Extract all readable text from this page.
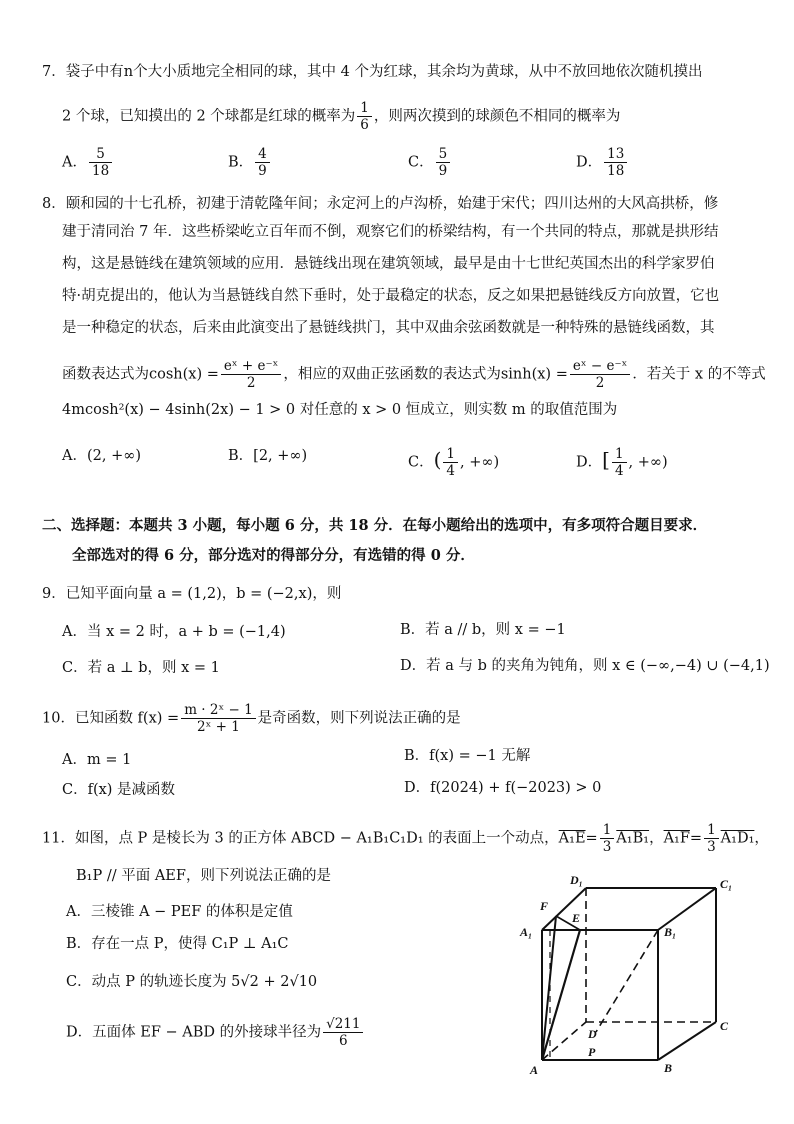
7．袋子中有n个大小质地完全相同的球，其中 4 个为红球，其余均为黄球，从中不放回地依次随机摸出
2 个球，已知摸出的 2 个球都是红球的概率为 $\frac{1}{6}$ ，则两次摸到的球颜色不相同的概率为
A． $\frac{5}{18}$	B． $\frac{4}{9}$	C． $\frac{5}{9}$	D． $\frac{13}{18}$
8．颐和园的十七孔桥，初建于清乾隆年间；永定河上的卢沟桥，始建于宋代；四川达州的大风高拱桥，修
建于清同治 7 年．这些桥梁屹立百年而不倒，观察它们的桥梁结构，有一个共同的特点，那就是拱形结
构，这是悬链线在建筑领域的应用．悬链线出现在建筑领域，最早是由十七世纪英国杰出的科学家罗伯
特·胡克提出的，他认为当悬链线自然下垂时，处于最稳定的状态，反之如果把悬链线反方向放置，它也
是一种稳定的状态，后来由此演变出了悬链线拱门，其中双曲余弦函数就是一种特殊的悬链线函数，其
函数表达式为$\cosh(x) = \frac{\text{eˣ + e⁻ˣ}}{2}$ ，相应的双曲正弦函数的表达式为$\sinh(x) = \frac{\text{eˣ − e⁻ˣ}}{2}$ ．若关于 x 的不等式
4mcosh²(x) − 4sinh(2x) − 1 > 0 对任意的 x > 0 恒成立，则实数 m 的取值范围为
A．(2, +∞)	B．[2, +∞)	C．( $\frac{1}{4}$ , +∞)	D．[ $\frac{1}{4}$ , +∞)
二、选择题：本题共 3 小题，每小题 6 分，共 18 分．在每小题给出的选项中，有多项符合题目要求．
全部选对的得 6 分，部分选对的得部分分，有选错的得 0 分．
9．已知平面向量 a = (1,2)，b = (−2,x)，则
A．当 x = 2 时，a + b = (−1,4)	B．若 a // b，则 x = −1
C．若 a ⊥ b，则 x = 1	D．若 a 与 b 的夹角为钝角，则 x ∈ (−∞,−4) ∪ (−4,1)
10．已知函数 $f(x) = \frac{\text{m · 2ˣ − 1}}{\text{2ˣ + 1}}$ 是奇函数，则下列说法正确的是
A．m = 1	B．f(x) = −1 无解
C．f(x) 是减函数	D．f(2024) + f(−2023) > 0
11．如图，点 P 是棱长为 3 的正方体 ABCD − A₁B₁C₁D₁ 的表面上一个动点，$A_1E= \frac{1}{3} A_1B_1$，$A_1F= \frac{1}{3} A_1D_1$，
B₁P // 平面 AEF，则下列说法正确的是
A．三棱锥 A − PEF 的体积是定值
B．存在一点 P，使得 C₁P ⊥ A₁C
C．动点 P 的轨迹长度为 5√2 + 2√10
D．五面体 EF − ABD 的外接球半径为 $\frac{√211}{6}$
D₁	C₁
F
E
A₁	B₁
D
C
P
A	B
